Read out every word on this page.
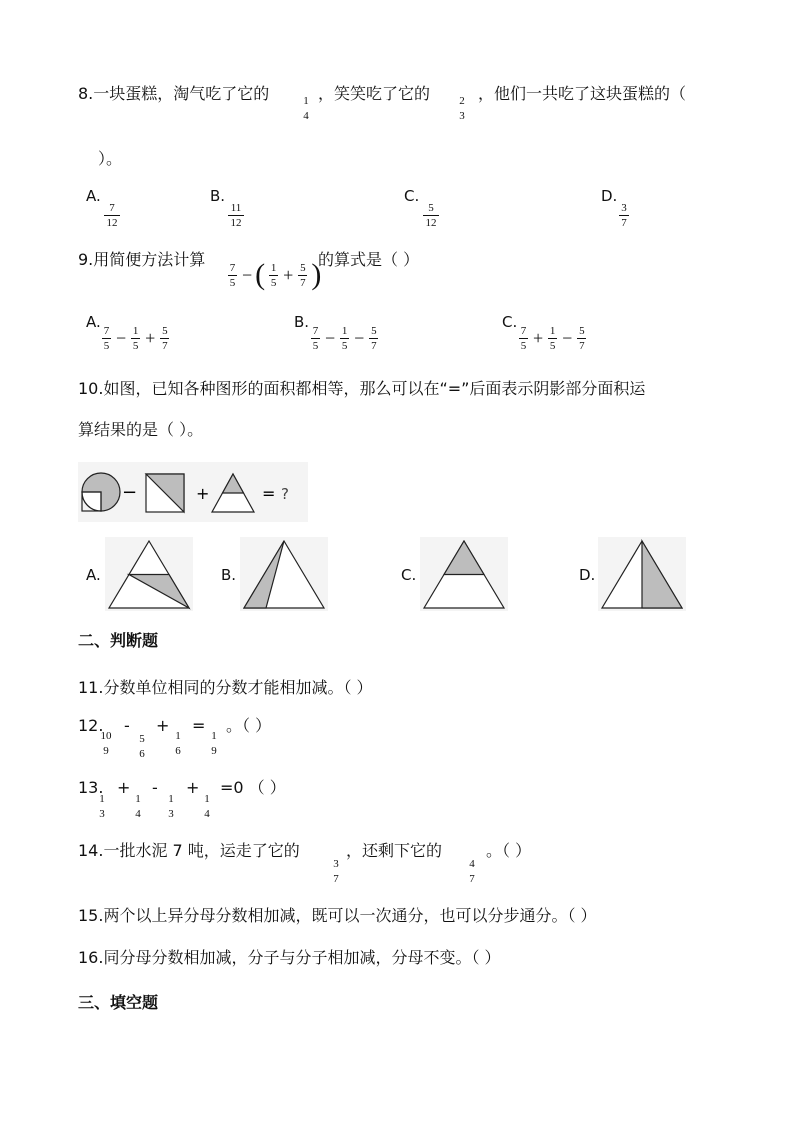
8.一块蛋糕，淘气吃了它的	1
4
，笑笑吃了它的	2
3
，他们一共吃了这块蛋糕的（
）。
A.
7
12
B.
11
12
C.
5
12
D.
3
7
9.用简便方法计算 7
5 − ( 1
5 + 5
7 )
的算式是（ ）
A. 7
5 − 1
5 + 5
7
B. 7
5 − 1
5 − 5
7
C. 7
5 + 1
5 − 5
7
10.如图，已知各种图形的面积都相等，那么可以在“=”后面表示阴影部分面积运
算结果的是（ ）。
−	+	= ?
A.	B.	C.	D.
二、判断题
11.分数单位相同的分数才能相加减。（ ）
12.
10
9
-
5
6
+
1
6
=
1
9
。（ ）
13.
1
3
+
1
4
-
1
3
+
1
4
=0 （ ）
14.一批水泥 7 吨，运走了它的
3
7
，还剩下它的
4
7
。（ ）
15.两个以上异分母分数相加减，既可以一次通分，也可以分步通分。（ ）
16.同分母分数相加减，分子与分子相加减，分母不变。（ ）
三、填空题
